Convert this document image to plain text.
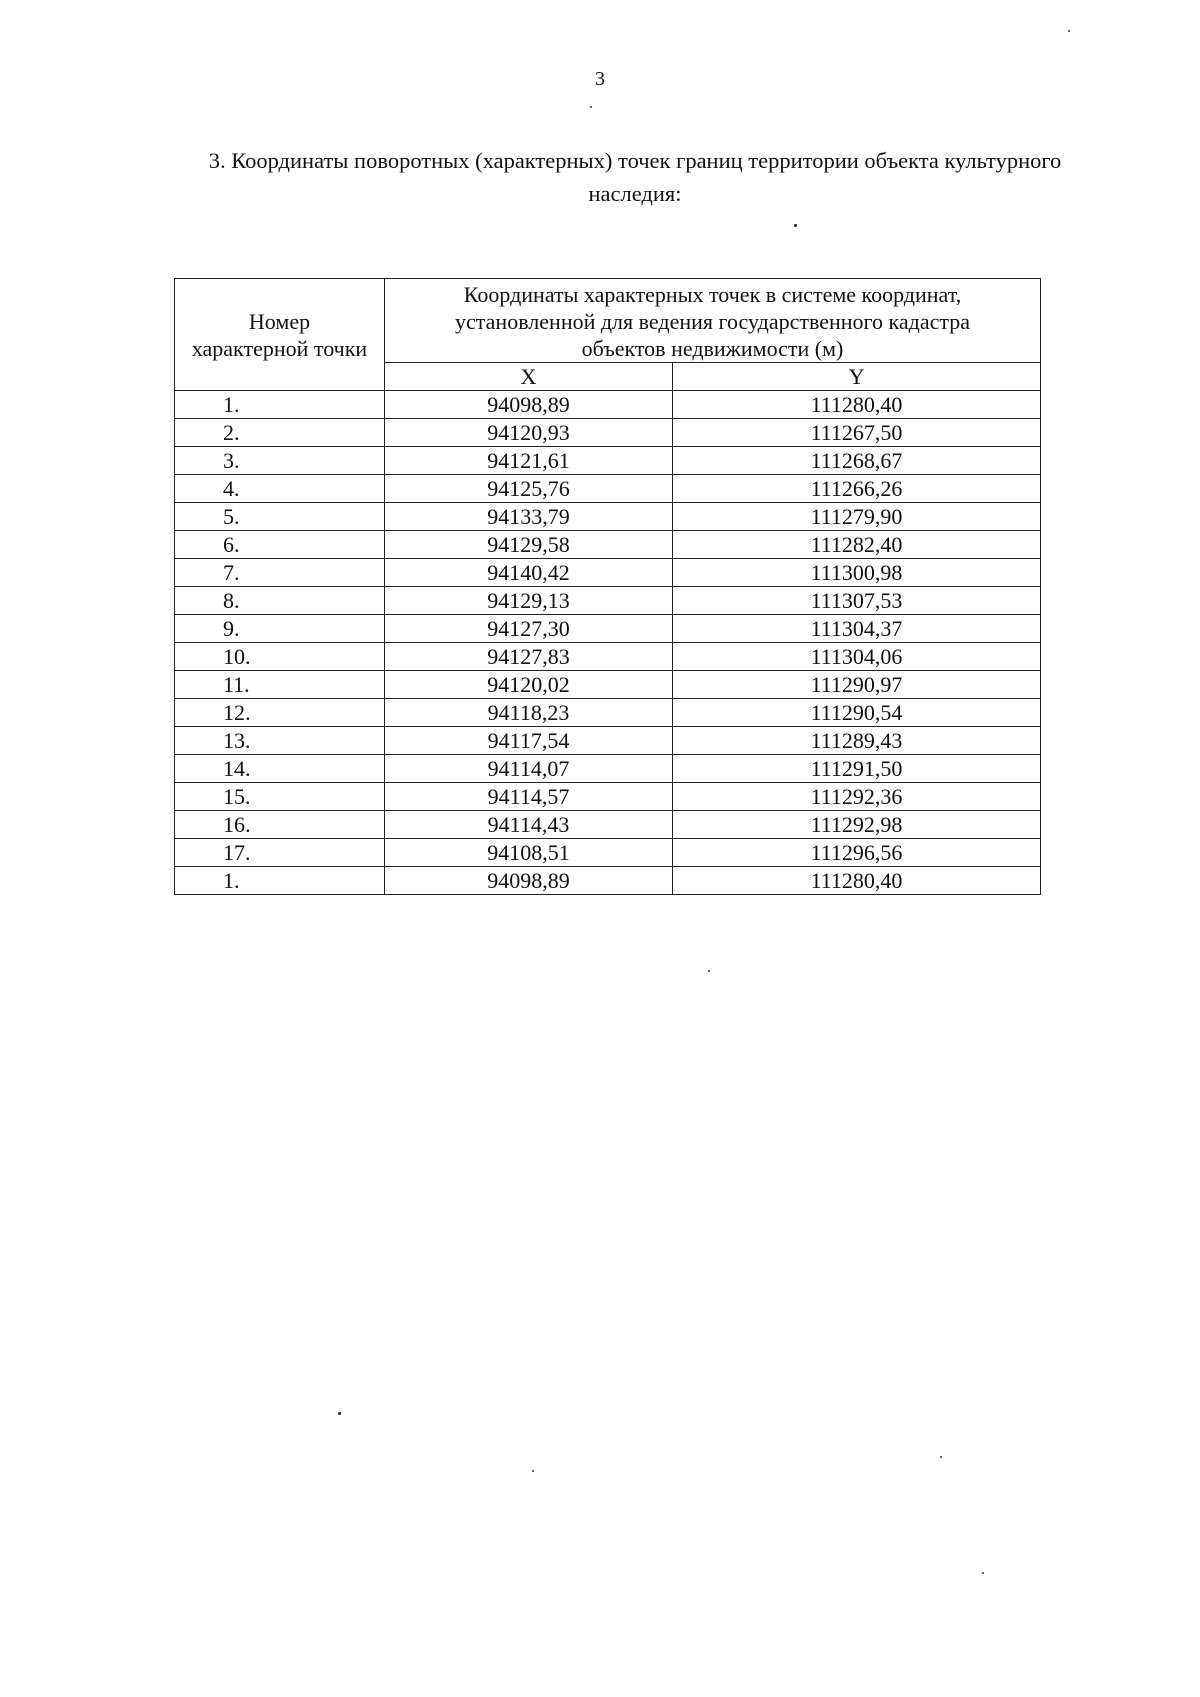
3
3. Координаты поворотных (характерных) точек границ территории объекта культурного
наследия:
Номер
характерной точки	Координаты характерных точек в системе координат,
установленной для ведения государственного кадастра
объектов недвижимости (м)	

	X	Y
1.	94098,89	111280,40
2.	94120,93	111267,50
3.	94121,61	111268,67
4.	94125,76	111266,26
5.	94133,79	111279,90
6.	94129,58	111282,40
7.	94140,42	111300,98
8.	94129,13	111307,53
9.	94127,30	111304,37
10.	94127,83	111304,06
11.	94120,02	111290,97
12.	94118,23	111290,54
13.	94117,54	111289,43
14.	94114,07	111291,50
15.	94114,57	111292,36
16.	94114,43	111292,98
17.	94108,51	111296,56
1.	94098,89	111280,40
